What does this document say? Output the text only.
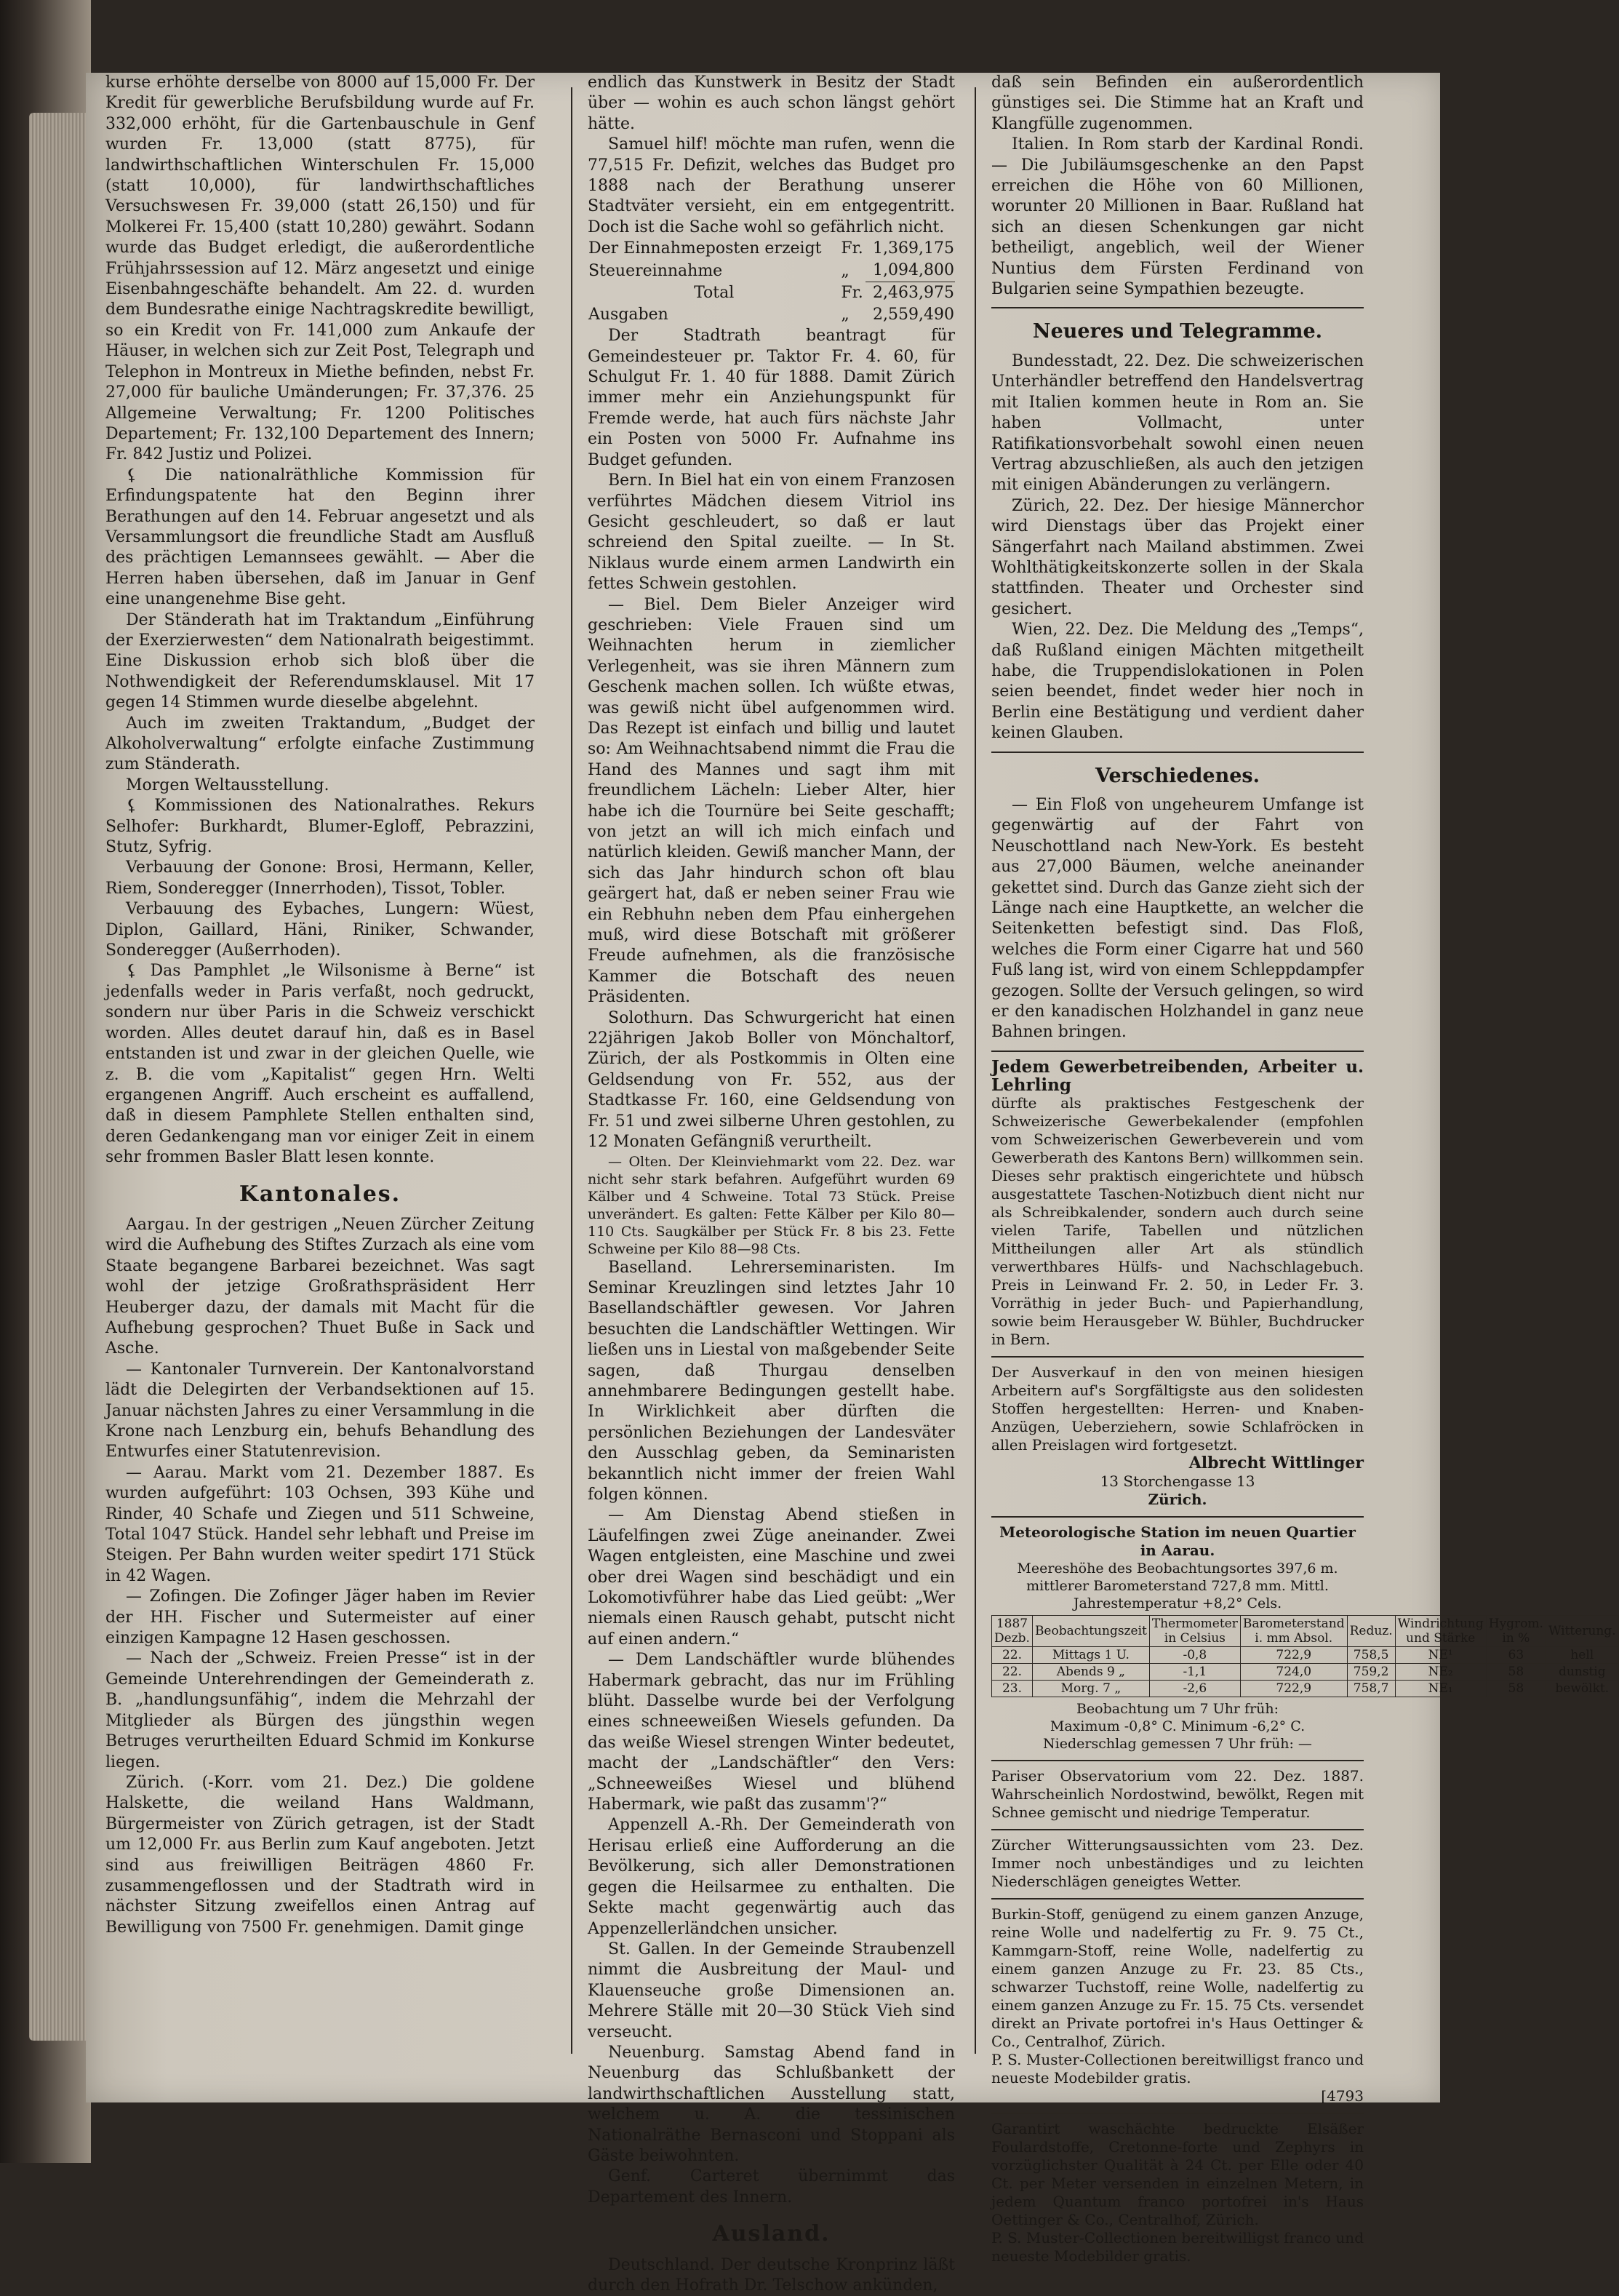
kurse erhöhte derselbe von 8000 auf 15,000 Fr. Der Kredit für gewerbliche Berufsbildung wurde auf Fr. 332,000 erhöht, für die Gartenbauschule in Genf wurden Fr. 13,000 (statt 8775), für landwirthschaftlichen Winterschulen Fr. 15,000 (statt 10,000), für landwirthschaftliches Versuchswesen Fr. 39,000 (statt 26,150) und für Molkerei Fr. 15,400 (statt 10,280) gewährt. Sodann wurde das Budget erledigt, die außerordentliche Frühjahrssession auf 12. März angesetzt und einige Eisenbahngeschäfte behandelt. Am 22. d. wurden dem Bundesrathe einige Nachtragskredite bewilligt, so ein Kredit von Fr. 141,000 zum Ankaufe der Häuser, in welchen sich zur Zeit Post, Telegraph und Telephon in Montreux in Miethe befinden, nebst Fr. 27,000 für bauliche Umänderungen; Fr. 37,376. 25 Allgemeine Verwaltung; Fr. 1200 Politisches Departement; Fr. 132,100 Departement des Innern; Fr. 842 Justiz und Polizei.

⚸ Die nationalräthliche Kommission für Erfindungspatente hat den Beginn ihrer Berathungen auf den 14. Februar angesetzt und als Versammlungsort die freundliche Stadt am Ausfluß des prächtigen Lemannsees gewählt. — Aber die Herren haben übersehen, daß im Januar in Genf eine unangenehme Bise geht.

Der Ständerath hat im Traktandum „Einführung der Exerzierwesten“ dem Nationalrath beigestimmt. Eine Diskussion erhob sich bloß über die Nothwendigkeit der Referendumsklausel. Mit 17 gegen 14 Stimmen wurde dieselbe abgelehnt.

Auch im zweiten Traktandum, „Budget der Alkoholverwaltung“ erfolgte einfache Zustimmung zum Ständerath.

Morgen Weltausstellung.

⚸ Kommissionen des Nationalrathes. Rekurs Selhofer: Burkhardt, Blumer-Egloff, Pebrazzini, Stutz, Syfrig.

Verbauung der Gonone: Brosi, Hermann, Keller, Riem, Sonderegger (Innerrhoden), Tissot, Tobler.

Verbauung des Eybaches, Lungern: Wüest, Diplon, Gaillard, Häni, Riniker, Schwander, Sonderegger (Außerrhoden).

⚸ Das Pamphlet „le Wilsonisme à Berne“ ist jedenfalls weder in Paris verfaßt, noch gedruckt, sondern nur über Paris in die Schweiz verschickt worden. Alles deutet darauf hin, daß es in Basel entstanden ist und zwar in der gleichen Quelle, wie z. B. die vom „Kapitalist“ gegen Hrn. Welti ergangenen Angriff. Auch erscheint es auffallend, daß in diesem Pamphlete Stellen enthalten sind, deren Gedankengang man vor einiger Zeit in einem sehr frommen Basler Blatt lesen konnte.

Kantonales.

Aargau. In der gestrigen „Neuen Zürcher Zeitung wird die Aufhebung des Stiftes Zurzach als eine vom Staate begangene Barbarei bezeichnet. Was sagt wohl der jetzige Großrathspräsident Herr Heuberger dazu, der damals mit Macht für die Aufhebung gesprochen? Thuet Buße in Sack und Asche.

— Kantonaler Turnverein. Der Kantonalvorstand lädt die Delegirten der Verbandsektionen auf 15. Januar nächsten Jahres zu einer Versammlung in die Krone nach Lenzburg ein, behufs Behandlung des Entwurfes einer Statutenrevision.

— Aarau. Markt vom 21. Dezember 1887. Es wurden aufgeführt: 103 Ochsen, 393 Kühe und Rinder, 40 Schafe und Ziegen und 511 Schweine, Total 1047 Stück. Handel sehr lebhaft und Preise im Steigen. Per Bahn wurden weiter spedirt 171 Stück in 42 Wagen.

— Zofingen. Die Zofinger Jäger haben im Revier der HH. Fischer und Sutermeister auf einer einzigen Kampagne 12 Hasen geschossen.

— Nach der „Schweiz. Freien Presse“ ist in der Gemeinde Unterehrendingen der Gemeinderath z. B. „handlungsunfähig“, indem die Mehrzahl der Mitglieder als Bürgen des jüngsthin wegen Betruges verurtheilten Eduard Schmid im Konkurse liegen.

Zürich. (-Korr. vom 21. Dez.) Die goldene Halskette, die weiland Hans Waldmann, Bürgermeister von Zürich getragen, ist der Stadt um 12,000 Fr. aus Berlin zum Kauf angeboten. Jetzt sind aus freiwilligen Beiträgen 4860 Fr. zusammengeflossen und der Stadtrath wird in nächster Sitzung zweifellos einen Antrag auf Bewilligung von 7500 Fr. genehmigen. Damit ginge

endlich das Kunstwerk in Besitz der Stadt über — wohin es auch schon längst gehört hätte.

Samuel hilf! möchte man rufen, wenn die 77,515 Fr. Defizit, welches das Budget pro 1888 nach der Berathung unserer Stadtväter versieht, ein em entgegentritt. Doch ist die Sache wohl so gefährlich nicht.

Der Einnahmeposten erzeigt	Fr.	1,369,175
Steuereinnahme	„	1,094,800
Total	Fr.	2,463,975
Ausgaben	„	2,559,490

Der Stadtrath beantragt für Gemeindesteuer pr. Taktor Fr. 4. 60, für Schulgut Fr. 1. 40 für 1888. Damit Zürich immer mehr ein Anziehungspunkt für Fremde werde, hat auch fürs nächste Jahr ein Posten von 5000 Fr. Aufnahme ins Budget gefunden.

Bern. In Biel hat ein von einem Franzosen verführtes Mädchen diesem Vitriol ins Gesicht geschleudert, so daß er laut schreiend den Spital zueilte. — In St. Niklaus wurde einem armen Landwirth ein fettes Schwein gestohlen.

— Biel. Dem Bieler Anzeiger wird geschrieben: Viele Frauen sind um Weihnachten herum in ziemlicher Verlegenheit, was sie ihren Männern zum Geschenk machen sollen. Ich wüßte etwas, was gewiß nicht übel aufgenommen wird. Das Rezept ist einfach und billig und lautet so: Am Weihnachtsabend nimmt die Frau die Hand des Mannes und sagt ihm mit freundlichem Lächeln: Lieber Alter, hier habe ich die Tournüre bei Seite geschafft; von jetzt an will ich mich einfach und natürlich kleiden. Gewiß mancher Mann, der sich das Jahr hindurch schon oft blau geärgert hat, daß er neben seiner Frau wie ein Rebhuhn neben dem Pfau einhergehen muß, wird diese Botschaft mit größerer Freude aufnehmen, als die französische Kammer die Botschaft des neuen Präsidenten.

Solothurn. Das Schwurgericht hat einen 22jährigen Jakob Boller von Mönchaltorf, Zürich, der als Postkommis in Olten eine Geldsendung von Fr. 552, aus der Stadtkasse Fr. 160, eine Geldsendung von Fr. 51 und zwei silberne Uhren gestohlen, zu 12 Monaten Gefängniß verurtheilt.

— Olten. Der Kleinviehmarkt vom 22. Dez. war nicht sehr stark befahren. Aufgeführt wurden 69 Kälber und 4 Schweine. Total 73 Stück. Preise unverändert. Es galten: Fette Kälber per Kilo 80—110 Cts. Saugkälber per Stück Fr. 8 bis 23. Fette Schweine per Kilo 88—98 Cts.

Baselland. Lehrerseminaristen. Im Seminar Kreuzlingen sind letztes Jahr 10 Basellandschäftler gewesen. Vor Jahren besuchten die Landschäftler Wettingen. Wir ließen uns in Liestal von maßgebender Seite sagen, daß Thurgau denselben annehmbarere Bedingungen gestellt habe. In Wirklichkeit aber dürften die persönlichen Beziehungen der Landesväter den Ausschlag geben, da Seminaristen bekanntlich nicht immer der freien Wahl folgen können.

— Am Dienstag Abend stießen in Läufelfingen zwei Züge aneinander. Zwei Wagen entgleisten, eine Maschine und zwei ober drei Wagen sind beschädigt und ein Lokomotivführer habe das Lied geübt: „Wer niemals einen Rausch gehabt, putscht nicht auf einen andern.“

— Dem Landschäftler wurde blühendes Habermark gebracht, das nur im Frühling blüht. Dasselbe wurde bei der Verfolgung eines schneeweißen Wiesels gefunden. Da das weiße Wiesel strengen Winter bedeutet, macht der „Landschäftler“ den Vers: „Schneeweißes Wiesel und blühend Habermark, wie paßt das zusamm'?“

Appenzell A.-Rh. Der Gemeinderath von Herisau erließ eine Aufforderung an die Bevölkerung, sich aller Demonstrationen gegen die Heilsarmee zu enthalten. Die Sekte macht gegenwärtig auch das Appenzellerländchen unsicher.

St. Gallen. In der Gemeinde Straubenzell nimmt die Ausbreitung der Maul- und Klauenseuche große Dimensionen an. Mehrere Ställe mit 20—30 Stück Vieh sind verseucht.

Neuenburg. Samstag Abend fand in Neuenburg das Schlußbankett der landwirthschaftlichen Ausstellung statt, welchem u. A. die tessinischen Nationalräthe Bernasconi und Stoppani als Gäste beiwohnten.

Genf. Carteret übernimmt das Departement des Innern.

Ausland.

Deutschland. Der deutsche Kronprinz läßt durch den Hofrath Dr. Telschow ankünden,

daß sein Befinden ein außerordentlich günstiges sei. Die Stimme hat an Kraft und Klangfülle zugenommen.

Italien. In Rom starb der Kardinal Rondi. — Die Jubiläumsgeschenke an den Papst erreichen die Höhe von 60 Millionen, worunter 20 Millionen in Baar. Rußland hat sich an diesen Schenkungen gar nicht betheiligt, angeblich, weil der Wiener Nuntius dem Fürsten Ferdinand von Bulgarien seine Sympathien bezeugte.

Neueres und Telegramme.

Bundesstadt, 22. Dez. Die schweizerischen Unterhändler betreffend den Handelsvertrag mit Italien kommen heute in Rom an. Sie haben Vollmacht, unter Ratifikationsvorbehalt sowohl einen neuen Vertrag abzuschließen, als auch den jetzigen mit einigen Abänderungen zu verlängern.

Zürich, 22. Dez. Der hiesige Männerchor wird Dienstags über das Projekt einer Sängerfahrt nach Mailand abstimmen. Zwei Wohlthätigkeitskonzerte sollen in der Skala stattfinden. Theater und Orchester sind gesichert.

Wien, 22. Dez. Die Meldung des „Temps“, daß Rußland einigen Mächten mitgetheilt habe, die Truppendislokationen in Polen seien beendet, findet weder hier noch in Berlin eine Bestätigung und verdient daher keinen Glauben.

Verschiedenes.

— Ein Floß von ungeheurem Umfange ist gegenwärtig auf der Fahrt von Neuschottland nach New-York. Es besteht aus 27,000 Bäumen, welche aneinander gekettet sind. Durch das Ganze zieht sich der Länge nach eine Hauptkette, an welcher die Seitenketten befestigt sind. Das Floß, welches die Form einer Cigarre hat und 560 Fuß lang ist, wird von einem Schleppdampfer gezogen. Sollte der Versuch gelingen, so wird er den kanadischen Holzhandel in ganz neue Bahnen bringen.

Jedem Gewerbetreibenden, Arbeiter u. Lehrling
dürfte als praktisches Festgeschenk der Schweizerische Gewerbekalender (empfohlen vom Schweizerischen Gewerbeverein und vom Gewerberath des Kantons Bern) willkommen sein. Dieses sehr praktisch eingerichtete und hübsch ausgestattete Taschen-Notizbuch dient nicht nur als Schreibkalender, sondern auch durch seine vielen Tarife, Tabellen und nützlichen Mittheilungen aller Art als stündlich verwerthbares Hülfs- und Nachschlagebuch. Preis in Leinwand Fr. 2. 50, in Leder Fr. 3. Vorräthig in jeder Buch- und Papierhandlung, sowie beim Herausgeber W. Bühler, Buchdrucker in Bern.
Der Ausverkauf in den von meinen hiesigen Arbeitern auf's Sorgfältigste aus den solidesten Stoffen hergestellten: Herren- und Knaben-Anzügen, Ueberziehern, sowie Schlafröcken in allen Preislagen wird fortgesetzt.
Albrecht Wittlinger
13 Storchengasse 13
Zürich.
Meteorologische Station im neuen Quartier in Aarau.
Meereshöhe des Beobachtungsortes 397,6 m.
mittlerer Barometerstand 727,8 mm. Mittl. Jahrestemperatur +8,2° Cels.
1887 Dezb.	Beobachtungszeit	Thermometer in Celsius	Barometerstand i. mm Absol.	Reduz.	Windrichtung und Stärke	Hygrom. in %	Witterung.
22.	Mittags 1 U.	-0,8	722,9	758,5	NE¹	63	hell
22.	Abends 9 „	-1,1	724,0	759,2	NE₂	58	dunstig
23.	Morg. 7 „	-2,6	722,9	758,7	NE₁	58	bewölkt.
Beobachtung um 7 Uhr früh:
Maximum -0,8° C. Minimum -6,2° C.
Niederschlag gemessen 7 Uhr früh: —
Pariser Observatorium vom 22. Dez. 1887. Wahrscheinlich Nordostwind, bewölkt, Regen mit Schnee gemischt und niedrige Temperatur.
Zürcher Witterungsaussichten vom 23. Dez. Immer noch unbeständiges und zu leichten Niederschlägen geneigtes Wetter.
Burkin-Stoff, genügend zu einem ganzen Anzuge, reine Wolle und nadelfertig zu Fr. 9. 75 Ct., Kammgarn-Stoff, reine Wolle, nadelfertig zu einem ganzen Anzuge zu Fr. 23. 85 Cts., schwarzer Tuchstoff, reine Wolle, nadelfertig zu einem ganzen Anzuge zu Fr. 15. 75 Cts. versendet direkt an Private portofrei in's Haus Oettinger & Co., Centralhof, Zürich.
P. S. Muster-Collectionen bereitwilligst franco und neueste Modebilder gratis.
[4793
Garantirt waschächte bedruckte Elsäßer Foulardstoffe, Cretonne-forte und Zephyrs in vorzüglichster Qualität à 24 Ct. per Elle oder 40 Ct. per Meter versenden in einzelnen Metern, in jedem Quantum franco portofrei in's Haus Oettinger & Co., Centralhof, Zürich.
P. S. Muster-Collectionen bereitwilligst franco und neueste Modebilder gratis.
